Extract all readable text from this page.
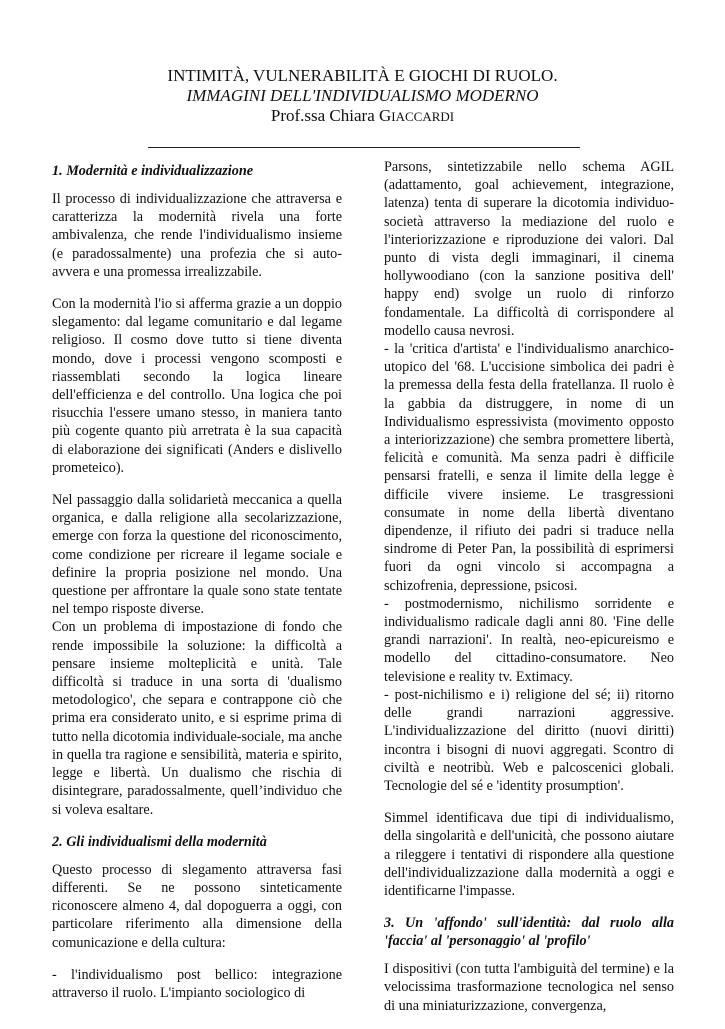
INTIMITÀ, VULNERABILITÀ E GIOCHI DI RUOLO.
IMMAGINI DELL'INDIVIDUALISMO MODERNO
Prof.ssa Chiara GIACCARDI
1. Modernità e individualizzazione

Il processo di individualizzazione che attraversa e caratterizza la modernità rivela una forte ambivalenza, che rende l'individualismo insieme (e paradossalmente) una profezia che si auto-avvera e una promessa irrealizzabile.

Con la modernità l'io si afferma grazie a un doppio slegamento: dal legame comunitario e dal legame religioso. Il cosmo dove tutto si tiene diventa mondo, dove i processi vengono scomposti e riassemblati secondo la logica lineare dell'efficienza e del controllo. Una logica che poi risucchia l'essere umano stesso, in maniera tanto più cogente quanto più arretrata è la sua capacità di elaborazione dei significati (Anders e dislivello prometeico).

Nel passaggio dalla solidarietà meccanica a quella organica, e dalla religione alla secolarizzazione, emerge con forza la questione del riconoscimento, come condizione per ricreare il legame sociale e definire la propria posizione nel mondo. Una questione per affrontare la quale sono state tentate nel tempo risposte diverse.

Con un problema di impostazione di fondo che rende impossibile la soluzione: la difficoltà a pensare insieme molteplicità e unità. Tale difficoltà si traduce in una sorta di 'dualismo metodologico', che separa e contrappone ciò che prima era considerato unito, e si esprime prima di tutto nella dicotomia individuale-sociale, ma anche in quella tra ragione e sensibilità, materia e spirito, legge e libertà. Un dualismo che rischia di disintegrare, paradossalmente, quell’individuo che si voleva esaltare.

2. Gli individualismi della modernità

Questo processo di slegamento attraversa fasi differenti. Se ne possono sinteticamente riconoscere almeno 4, dal dopoguerra a oggi, con particolare riferimento alla dimensione della comunicazione e della cultura:

- l'individualismo post bellico: integrazione attraverso il ruolo. L'impianto sociologico di

Parsons, sintetizzabile nello schema AGIL (adattamento, goal achievement, integrazione, latenza) tenta di superare la dicotomia individuo-società attraverso la mediazione del ruolo e l'interiorizzazione e riproduzione dei valori. Dal punto di vista degli immaginari, il cinema hollywoodiano (con la sanzione positiva dell' happy end) svolge un ruolo di rinforzo fondamentale. La difficoltà di corrispondere al modello causa nevrosi.

- la 'critica d'artista' e l'individualismo anarchico-utopico del '68. L'uccisione simbolica dei padri è la premessa della festa della fratellanza. Il ruolo è la gabbia da distruggere, in nome di un Individualismo espressivista (movimento opposto a interiorizzazione) che sembra promettere libertà, felicità e comunità. Ma senza padri è difficile pensarsi fratelli, e senza il limite della legge è difficile vivere insieme. Le trasgressioni consumate in nome della libertà diventano dipendenze, il rifiuto dei padri si traduce nella sindrome di Peter Pan, la possibilità di esprimersi fuori da ogni vincolo si accompagna a schizofrenia, depressione, psicosi.

- postmodernismo, nichilismo sorridente e individualismo radicale dagli anni 80. 'Fine delle grandi narrazioni'. In realtà, neo-epicureismo e modello del cittadino-consumatore. Neo televisione e reality tv. Extimacy.

- post-nichilismo e i) religione del sé; ii) ritorno delle grandi narrazioni aggressive. L'individualizzazione del diritto (nuovi diritti) incontra i bisogni di nuovi aggregati. Scontro di civiltà e neotribù. Web e palcoscenici globali. Tecnologie del sé e 'identity prosumption'.

Simmel identificava due tipi di individualismo, della singolarità e dell'unicità, che possono aiutare a rileggere i tentativi di rispondere alla questione dell'individualizzazione dalla modernità a oggi e identificarne l'impasse.

3. Un 'affondo' sull'identità: dal ruolo alla 'faccia' al 'personaggio' al 'profilo'

I dispositivi (con tutta l'ambiguità del termine) e la velocissima trasformazione tecnologica nel senso di una miniaturizzazione, convergenza,
